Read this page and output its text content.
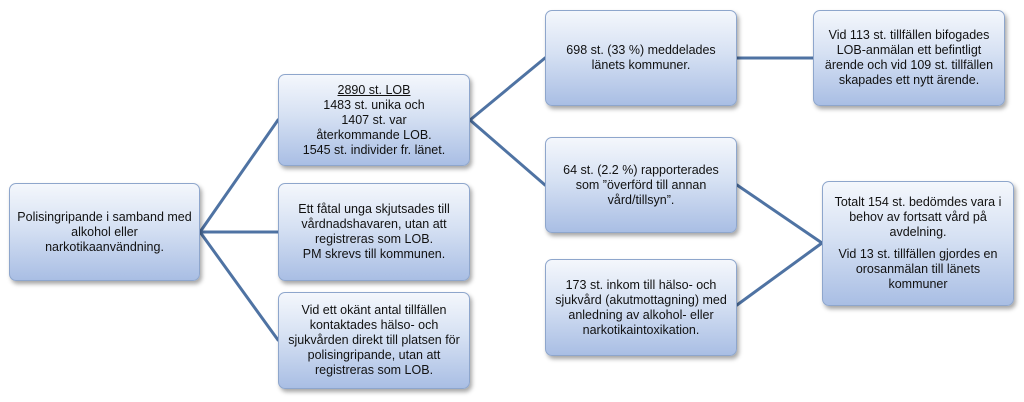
Polisingripande i samband med alkohol eller narkotikaanvändning.

2890 st. LOB

1483 st. unika och

1407 st. var

återkommande LOB.

1545 st. individer fr. länet.

Ett fåtal unga skjutsades till vårdnadshavaren, utan att registreras som LOB.

PM skrevs till kommunen.

Vid ett okänt antal tillfällen kontaktades hälso- och sjukvården direkt till platsen för polisingripande, utan att registreras som LOB.

698 st. (33 %) meddelades länets kommuner.

64 st. (2.2 %) rapporterades som ”överförd till annan vård/tillsyn”.

173 st. inkom till hälso- och sjukvård (akutmottagning) med anledning av alkohol- eller narkotikaintoxikation.

Vid 113 st. tillfällen bifogades LOB-anmälan ett befintligt ärende och vid 109 st. tillfällen skapades ett nytt ärende.

Totalt 154 st. bedömdes vara i behov av fortsatt vård på avdelning.

Vid 13 st. tillfällen gjordes en orosanmälan till länets kommuner
